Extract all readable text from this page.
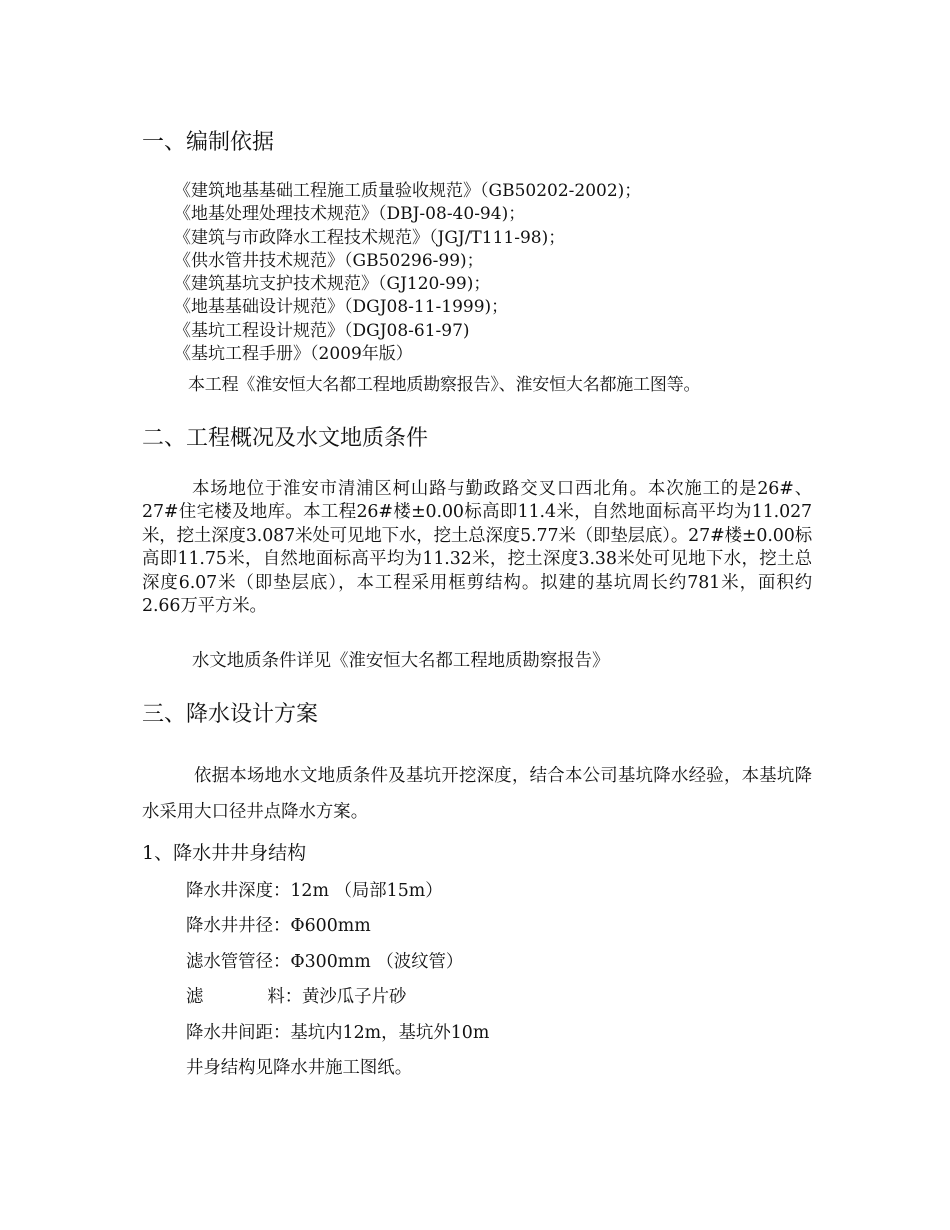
一、编制依据
《建筑地基基础工程施工质量验收规范》（GB50202-2002)；
《地基处理处理技术规范》（DBJ-08-40-94)；
《建筑与市政降水工程技术规范》（JGJ/T111-98)；
《供水管井技术规范》（GB50296-99)；
《建筑基坑支护技术规范》（GJ120-99)；
《地基基础设计规范》（DGJ08-11-1999)；
《基坑工程设计规范》（DGJ08-61-97)
《基坑工程手册》（2009年版）
本工程《淮安恒大名都工程地质勘察报告》、淮安恒大名都施工图等。
二、工程概况及水文地质条件

本场地位于淮安市清浦区柯山路与勤政路交叉口西北角。本次施工的是26#、27#住宅楼及地库。本工程26#楼±0.00标高即11.4米，自然地面标高平均为11.027米，挖土深度3.087米处可见地下水，挖土总深度5.77米（即垫层底）。27#楼±0.00标高即11.75米，自然地面标高平均为11.32米，挖土深度3.38米处可见地下水，挖土总深度6.07米（即垫层底），本工程采用框剪结构。拟建的基坑周长约781米，面积约2.66万平方米。

水文地质条件详见《淮安恒大名都工程地质勘察报告》
三、降水设计方案

依据本场地水文地质条件及基坑开挖深度，结合本公司基坑降水经验，本基坑降水采用大口径井点降水方案。

1、降水井井身结构
降水井深度：12m （局部15m）
降水井井径：Φ600mm
滤水管管径：Φ300mm （波纹管）
滤	料：黄沙瓜子片砂
降水井间距：基坑内12m，基坑外10m
井身结构见降水井施工图纸。
